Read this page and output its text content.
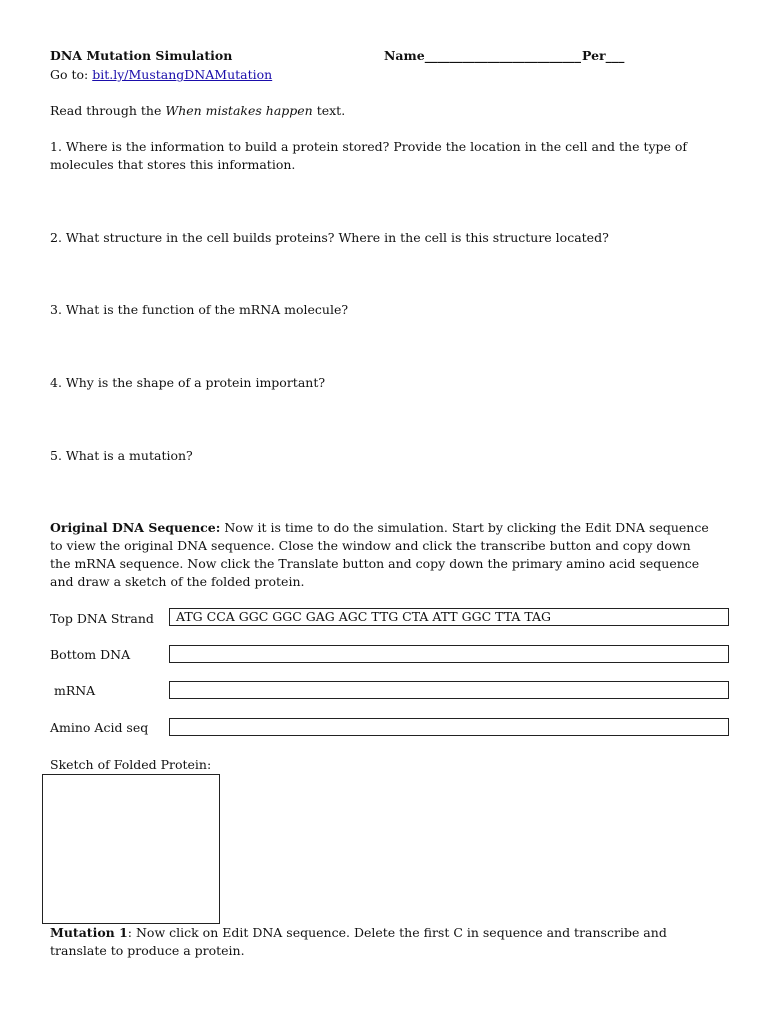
DNA Mutation Simulation	Name_________________________ Per___
Go to: bit.ly/MustangDNAMutation
Read through the When mistakes happen text.
1. Where is the information to build a protein stored? Provide the location in the cell and the type of molecules that stores this information.
2. What structure in the cell builds proteins? Where in the cell is this structure located?
3. What is the function of the mRNA molecule?
4. Why is the shape of a protein important?
5. What is a mutation?
Original DNA Sequence: Now it is time to do the simulation. Start by clicking the Edit DNA sequence to view the original DNA sequence. Close the window and click the transcribe button and copy down the mRNA sequence. Now click the Translate button and copy down the primary amino acid sequence and draw a sketch of the folded protein.
Top DNA Strand	ATG CCA GGC GGC GAG AGC TTG CTA ATT GGC TTA TAG
Bottom DNA
mRNA
Amino Acid seq
Sketch of Folded Protein:
Mutation 1: Now click on Edit DNA sequence. Delete the first C in sequence and transcribe and translate to produce a protein.
